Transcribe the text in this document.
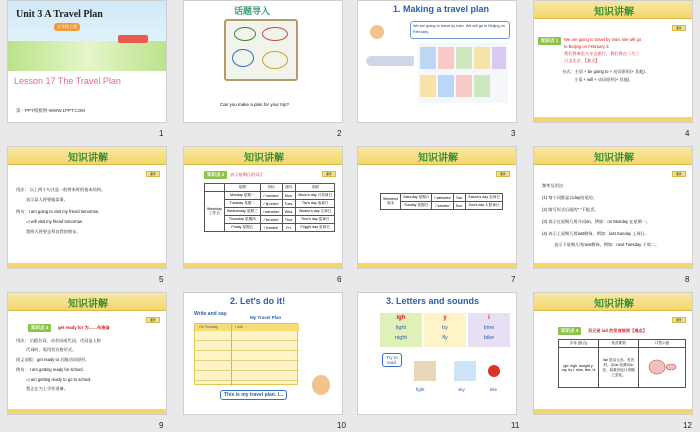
Unit 3 A Travel Plan
五年级上册
Lesson 17 The Travel Plan
第一PPT模板网-WWW.1PPT.COM
1
话题导入
Can you make a plan for your trip?
2
1. Making a travel plan
We are going to travel by train. We will go to Beijing on February.
3
知识讲解
课件
知识点 1	We are going to travel by train. We will go
to Beijing on February 3.
我们将乘坐火车去旅行。我们将在二月三
日去北京。【难点】
句式：主语 + be going to + 动词原形(+ 其他).
主语 + will + 动词原形(+ 其他).
4
知识讲解
课件
用法： 以上两个句式是一般将来时的基本结构。
表示某人将要做某事。
例句：I am going to visit my friend tomorrow.
=I will visit my friend tomorrow.
我明天将要去拜访我的朋友。
5
知识讲解
课件
知识点 2	表示星期几的词汇
	星期	音标	缩写	来源
Weekday 工作日	Monday 星期一	/ˈmʌndeɪ/	Mon.	Moon's day 月亮神日
	Tuesday 星期二	/ˈtjuːzdeɪ/	Tues.	Tiw's day 战神日
	Wednesday 星期三	/ˈwenzdeɪ/	Wed.	Woden's day 主神日
	Thursday 星期四	/ˈθɜːzdeɪ/	Thur.	Thor's day 雷神日
	Friday 星期五	/ˈfraɪdeɪ/	Fri.	Frigg's day 爱神日
6
知识讲解
课件
Weekend 周末	Saturday 星期六	/ˈsætədeɪ/	Sat.	Saturn's day 农神日
	Sunday 星期日	/ˈsʌndeɪ/	Sun.	Sun's day 太阳神日
7
知识讲解
课件
频率及用法：
(1) 每个词都是以day结尾的。
(2) 缩写形式后面的"."不能丢。
(3) 表示在星期几用介词on。例如：on Monday 在星期一。
(4) 表示上星期几用last修饰，例如：last Sunday 上周日。
表示下星期几用next修饰，例如：next Tuesday 下周二。
8
知识讲解
课件
知识点 3	get ready for 为……作准备
用法： 后跟名词、动名词或代词。代词是人称
代词时，需用其宾格形式。
同义词组：get ready to 后跟动词原形。
例句： I am getting ready for school.
=I am getting ready to go to school.
我正在为上学作准备。
9
2. Let's do it!
Write and say.
My Travel Plan
On Sunday	I will...
This is my travel plan. I...
10
3. Letters and sounds
igh
light
night
y
by
fly
i
time
bike
Try to read.
fight	sky	kite
11
知识讲解
课件
知识点 4	双元音 /aɪ/ 的发音规则【难点】
字母 (组合)	发音要领	口型示意
igh: high, tonight y: my, try i: nine, fine, hi	/aɪ/ 是双元音。发音时，由/a/ 音滑向/ɪ/音，前重后轻口形随之变化。	
12
